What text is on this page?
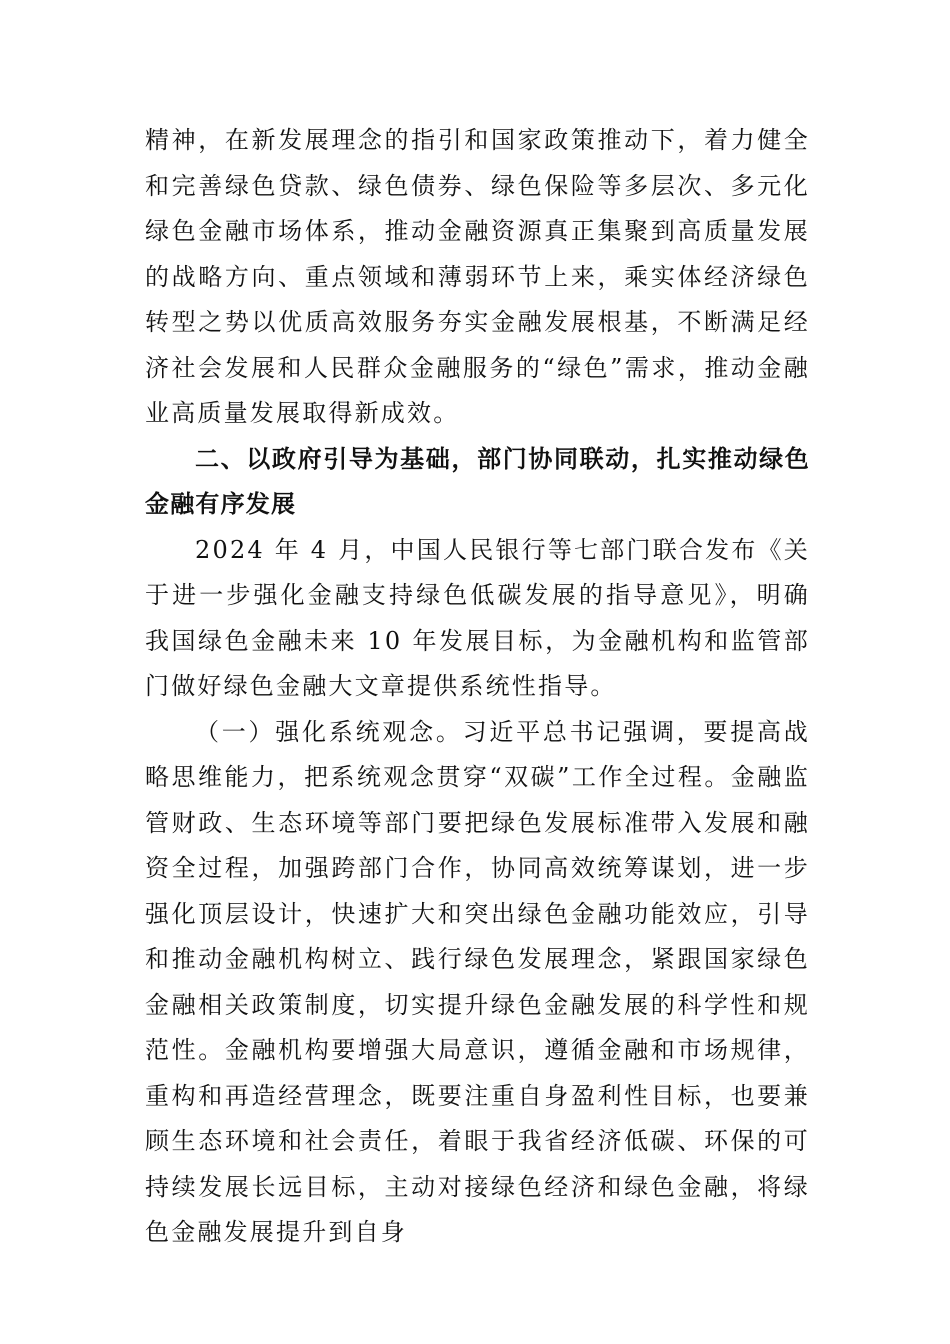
精神，在新发展理念的指引和国家政策推动下，着力健全和完善绿色贷款、绿色债券、绿色保险等多层次、多元化绿色金融市场体系，推动金融资源真正集聚到高质量发展的战略方向、重点领域和薄弱环节上来，乘实体经济绿色转型之势以优质高效服务夯实金融发展根基，不断满足经济社会发展和人民群众金融服务的“绿色”需求，推动金融业高质量发展取得新成效。

二、以政府引导为基础，部门协同联动，扎实推动绿色金融有序发展

2024 年 4 月，中国人民银行等七部门联合发布《关于进一步强化金融支持绿色低碳发展的指导意见》，明确我国绿色金融未来 10 年发展目标，为金融机构和监管部门做好绿色金融大文章提供系统性指导。

（一）强化系统观念。习近平总书记强调，要提高战略思维能力，把系统观念贯穿“双碳”工作全过程。金融监管财政、生态环境等部门要把绿色发展标准带入发展和融资全过程，加强跨部门合作，协同高效统筹谋划，进一步强化顶层设计，快速扩大和突出绿色金融功能效应，引导和推动金融机构树立、践行绿色发展理念，紧跟国家绿色金融相关政策制度，切实提升绿色金融发展的科学性和规范性。金融机构要增强大局意识，遵循金融和市场规律，重构和再造经营理念，既要注重自身盈利性目标，也要兼顾生态环境和社会责任，着眼于我省经济低碳、环保的可持续发展长远目标，主动对接绿色经济和绿色金融，将绿色金融发展提升到自身
